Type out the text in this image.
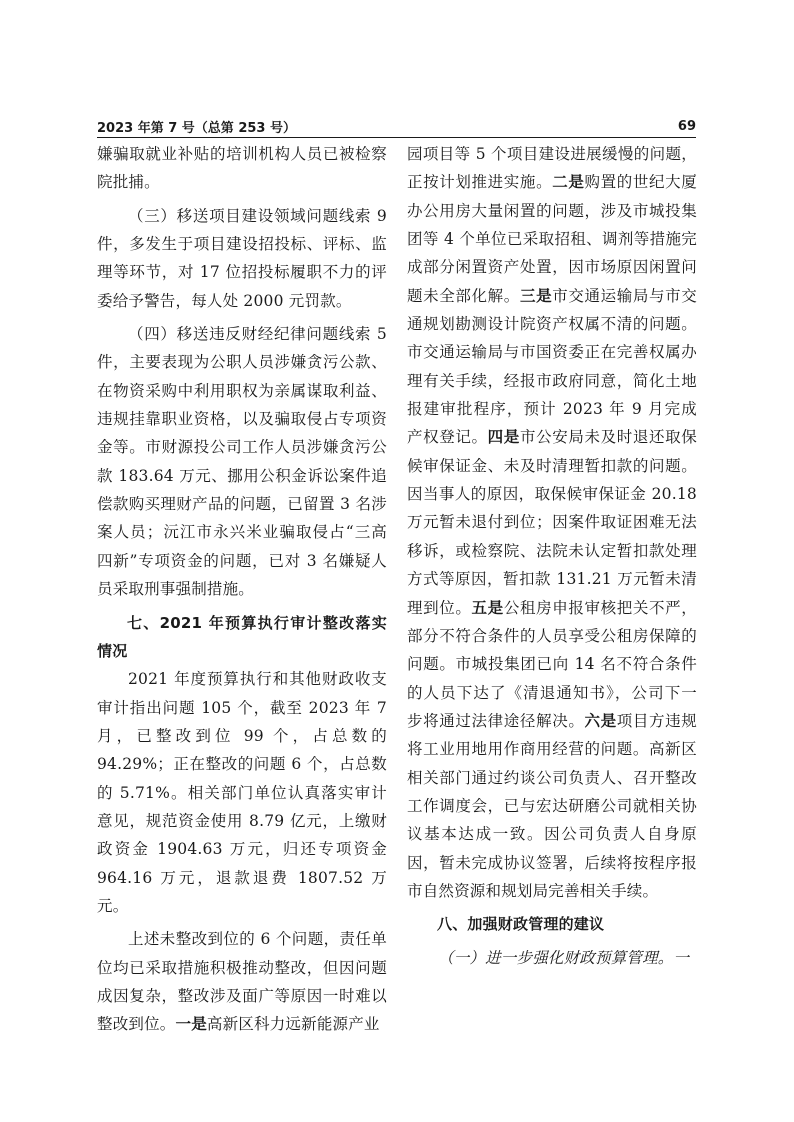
2023 年第 7 号（总第 253 号）	69

嫌骗取就业补贴的培训机构人员已被检察院批捕。

（三）移送项目建设领域问题线索 9 件，多发生于项目建设招投标、评标、监理等环节，对 17 位招投标履职不力的评委给予警告，每人处 2000 元罚款。

（四）移送违反财经纪律问题线索 5 件，主要表现为公职人员涉嫌贪污公款、在物资采购中利用职权为亲属谋取利益、违规挂靠职业资格，以及骗取侵占专项资金等。市财源投公司工作人员涉嫌贪污公款 183.64 万元、挪用公积金诉讼案件追偿款购买理财产品的问题，已留置 3 名涉案人员；沅江市永兴米业骗取侵占“三高四新”专项资金的问题，已对 3 名嫌疑人员采取刑事强制措施。

七、2021 年预算执行审计整改落实情况

2021 年度预算执行和其他财政收支审计指出问题 105 个，截至 2023 年 7 月，已整改到位 99 个，占总数的 94.29%；正在整改的问题 6 个，占总数的 5.71%。相关部门单位认真落实审计意见，规范资金使用 8.79 亿元，上缴财政资金 1904.63 万元，归还专项资金 964.16 万元，退款退费 1807.52 万元。

上述未整改到位的 6 个问题，责任单位均已采取措施积极推动整改，但因问题成因复杂，整改涉及面广等原因一时难以整改到位。一是高新区科力远新能源产业

园项目等 5 个项目建设进展缓慢的问题，正按计划推进实施。二是购置的世纪大厦办公用房大量闲置的问题，涉及市城投集团等 4 个单位已采取招租、调剂等措施完成部分闲置资产处置，因市场原因闲置问题未全部化解。三是市交通运输局与市交通规划勘测设计院资产权属不清的问题。市交通运输局与市国资委正在完善权属办理有关手续，经报市政府同意，简化土地报建审批程序，预计 2023 年 9 月完成产权登记。四是市公安局未及时退还取保候审保证金、未及时清理暂扣款的问题。因当事人的原因，取保候审保证金 20.18 万元暂未退付到位；因案件取证困难无法移诉，或检察院、法院未认定暂扣款处理方式等原因，暂扣款 131.21 万元暂未清理到位。五是公租房申报审核把关不严，部分不符合条件的人员享受公租房保障的问题。市城投集团已向 14 名不符合条件的人员下达了《清退通知书》，公司下一步将通过法律途径解决。六是项目方违规将工业用地用作商用经营的问题。高新区相关部门通过约谈公司负责人、召开整改工作调度会，已与宏达研磨公司就相关协议基本达成一致。因公司负责人自身原因，暂未完成协议签署，后续将按程序报市自然资源和规划局完善相关手续。

八、加强财政管理的建议

（一）进一步强化财政预算管理。一
